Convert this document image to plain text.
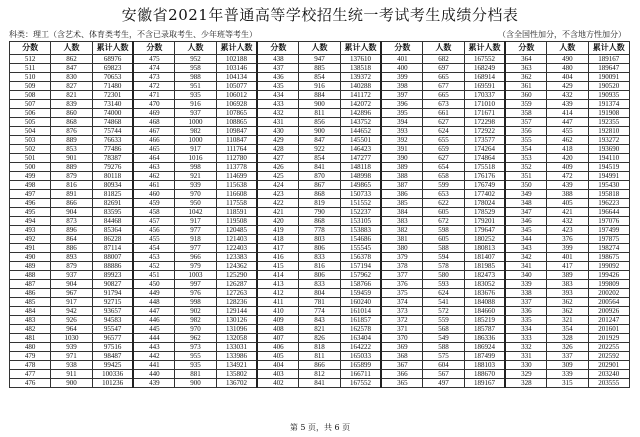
安徽省2021年普通高等学校招生统一考试考生成绩分档表
科类：理工（含艺术、体育类考生，不含已录取考生、少年班等考生）	（含全国性加分，不含地方性加分）
分数	人数	累计人数	分数	人数	累计人数	分数	人数	累计人数	分数	人数	累计人数	分数	人数	累计人数
512	862	68976	475	952	102188	438	947	137610	401	682	167552	364	490	189167
511	847	69823	474	958	103146	437	885	138518	400	697	168249	363	480	189647
510	830	70653	473	988	104134	436	854	139372	399	665	168914	362	404	190091
509	827	71480	472	951	105077	435	916	140288	398	677	169591	361	429	190520
508	821	72301	471	935	106012	434	884	141172	397	665	170337	360	432	190935
507	839	73140	470	916	106928	433	900	142072	396	673	171010	359	439	191374
506	860	74000	469	937	107865	432	811	142896	395	661	171671	358	414	191908
505	868	74868	468	1000	108865	431	856	143752	394	627	172298	357	447	192355
504	876	75744	467	982	109847	430	900	144652	393	624	172922	356	455	192810
503	889	76633	466	1000	110847	429	847	145501	392	655	173577	355	462	193272
502	853	77486	465	917	111764	428	922	146423	391	659	174264	354	418	193690
501	901	78387	464	1016	112780	427	854	147277	390	627	174864	353	420	194110
500	889	79276	463	998	113778	426	841	148118	389	654	175518	352	409	194519
499	879	80118	462	921	114699	425	870	148998	388	658	176176	351	472	194991
498	816	80934	461	939	115638	424	867	149865	387	599	176749	350	439	195430
497	891	81825	460	970	116608	423	868	150733	386	653	177402	349	388	195818
496	866	82691	459	950	117558	422	819	151552	385	622	178024	348	405	196223
495	904	83595	458	1042	118591	421	790	152237	384	605	178529	347	421	196644
494	873	84468	457	917	119508	420	868	153105	383	672	179201	346	432	197076
493	896	85364	456	977	120485	419	778	153883	382	598	179647	345	423	197499
492	864	86228	455	918	121403	418	803	154686	381	605	180252	344	376	197875
491	886	87114	454	977	122403	417	806	155545	380	588	180813	343	399	198274
490	893	88007	453	966	123383	416	833	156378	379	594	181407	342	401	198675
489	879	88886	452	979	124362	415	816	157194	378	578	181985	341	417	199092
488	937	89923	451	1003	125290	414	806	157962	377	580	182473	340	389	199426
487	904	90827	450	997	126287	413	833	158766	376	593	183052	339	383	199809
486	967	91794	449	976	127263	412	804	159459	375	624	183676	338	393	200202
485	917	92715	448	998	128236	411	781	160240	374	541	184088	337	362	200564
484	942	93657	447	902	129144	410	774	161014	373	572	184660	336	362	200926
483	926	94583	446	982	130126	409	843	161857	372	559	185219	335	321	201247
482	964	95547	445	970	131096	408	821	162578	371	568	185787	334	354	201601
481	1030	96577	444	962	132058	407	826	163404	370	549	186336	333	328	201929
480	939	97516	443	973	133031	406	818	164222	369	588	186924	332	326	202255
479	971	98487	442	955	133986	405	811	165033	368	575	187499	331	337	202592
478	938	99425	441	935	134921	404	866	165899	367	604	188103	330	309	202901
477	911	100336	440	881	135802	403	812	166711	366	567	188670	329	339	203240
476	900	101236	439	900	136702	402	841	167552	365	497	189167	328	315	203555
第 5 页，共 6 页
